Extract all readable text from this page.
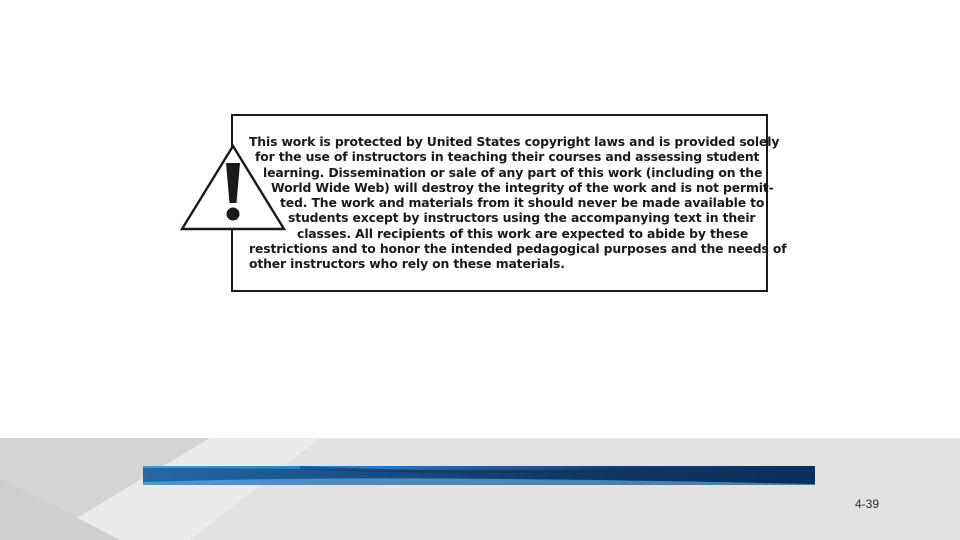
This work is protected by United States copyright laws and is provided solely
for the use of instructors in teaching their courses and assessing student
learning. Dissemination or sale of any part of this work (including on the
World Wide Web) will destroy the integrity of the work and is not permit-
ted. The work and materials from it should never be made available to
students except by instructors using the accompanying text in their
classes. All recipients of this work are expected to abide by these
restrictions and to honor the intended pedagogical purposes and the needs of
other instructors who rely on these materials.
4-39
